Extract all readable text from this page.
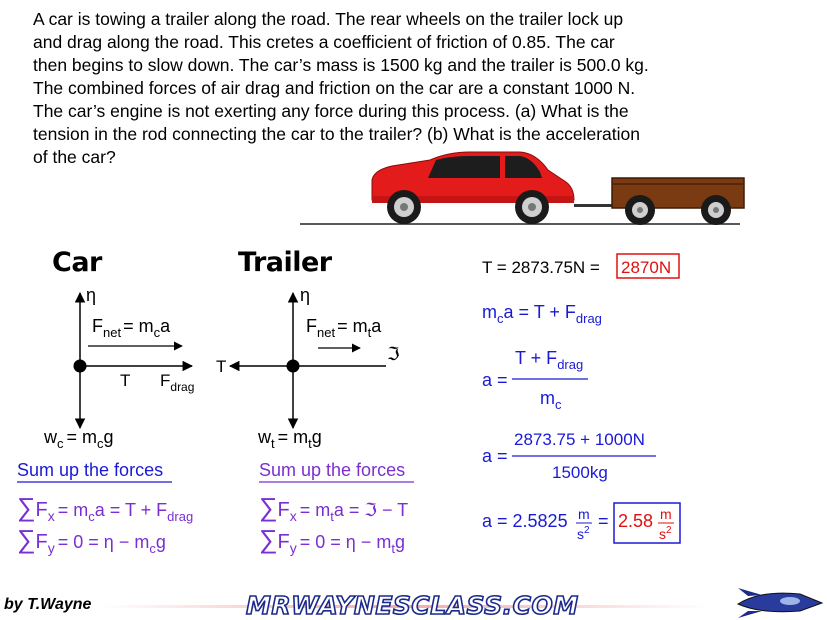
A car is towing a trailer along the road. The rear wheels on the trailer lock up
and drag along the road. This cretes a coefficient of friction of 0.85. The car
then begins to slow down. The car’s mass is 1500 kg and the trailer is 500.0 kg.
The combined forces of air drag and friction on the car are a constant 1000 N.
The car’s engine is not exerting any force during this process. (a) What is the
tension in the rod connecting the car to the trailer? (b) What is the acceleration
of the car?
Car	Trailer
η
$F_{net} = m_ca$
T $F_{drag}$
$w_c = m_cg$
Sum up the forces
$\sum F_x = m_ca = T + F_{drag}$
$\sum F_y = 0 = \eta - m_cg$
η
$F_{net} = m_ta$
ℑ
T
$w_t = m_tg$
Sum up the forces
$\sum F_x = m_ta$ = ℑ − T
$\sum F_y = 0 = \eta - m_tg$
T = 2873.75N = 2870N
$m_ca = T + F_{drag}$
a =
$T + F_{drag}$
$m_c$
a =
2873.75 + 1000N
1500kg
a = 2.5825 m
$s^2 = 2.58$ m
$s^2$
by T.Wayne	MRWAYNESCLASS.COM
